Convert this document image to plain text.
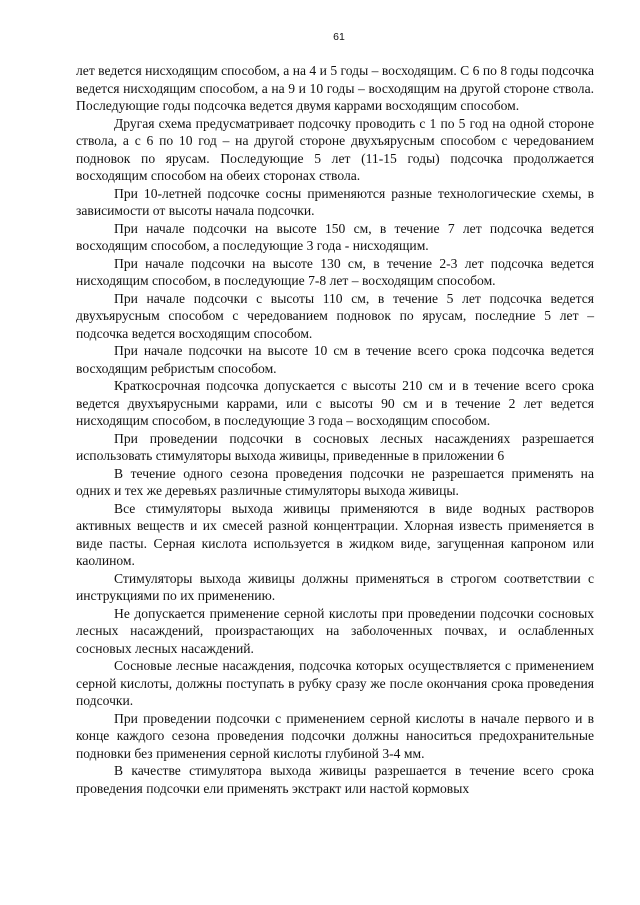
61

лет ведется нисходящим способом, а на 4 и 5 годы – восходящим. С 6 по 8 годы подсочка ведется нисходящим способом, а на 9 и 10 годы – восходящим на другой стороне ствола. Последующие годы подсочка ведется двумя каррами восходящим способом.

Другая схема предусматривает подсочку проводить с 1 по 5 год на одной стороне ствола, а с 6 по 10 год – на другой стороне двухъярусным способом с чередованием подновок по ярусам. Последующие 5 лет (11-15 годы) подсочка продолжается восходящим способом на обеих сторонах ствола.

При 10-летней подсочке сосны применяются разные технологические схемы, в зависимости от высоты начала подсочки.

При начале подсочки на высоте 150 см, в течение 7 лет подсочка ведется восходящим способом, а последующие 3 года - нисходящим.

При начале подсочки на высоте 130 см, в течение 2-3 лет подсочка ведется нисходящим способом, в последующие 7-8 лет – восходящим способом.

При начале подсочки с высоты 110 см, в течение 5 лет подсочка ведется двухъярусным способом с чередованием подновок по ярусам, последние 5 лет – подсочка ведется восходящим способом.

При начале подсочки на высоте 10 см в течение всего срока подсочка ведется восходящим ребристым способом.

Краткосрочная подсочка допускается с высоты 210 см и в течение всего срока ведется двухъярусными каррами, или с высоты 90 см и в течение 2 лет ведется нисходящим способом, в последующие 3 года – восходящим способом.

При проведении подсочки в сосновых лесных насаждениях разрешается использовать стимуляторы выхода живицы, приведенные в приложении 6

В течение одного сезона проведения подсочки не разрешается применять на одних и тех же деревьях различные стимуляторы выхода живицы.

Все стимуляторы выхода живицы применяются в виде водных растворов активных веществ и их смесей разной концентрации. Хлорная известь применяется в виде пасты. Серная кислота используется в жидком виде, загущенная капроном или каолином.

Стимуляторы выхода живицы должны применяться в строгом соответствии с инструкциями по их применению.

Не допускается применение серной кислоты при проведении подсочки сосновых лесных насаждений, произрастающих на заболоченных почвах, и ослабленных сосновых лесных насаждений.

Сосновые лесные насаждения, подсочка которых осуществляется с применением серной кислоты, должны поступать в рубку сразу же после окончания срока проведения подсочки.

При проведении подсочки с применением серной кислоты в начале первого и в конце каждого сезона проведения подсочки должны наноситься предохранительные подновки без применения серной кислоты глубиной 3-4 мм.

В качестве стимулятора выхода живицы разрешается в течение всего срока проведения подсочки ели применять экстракт или настой кормовых
